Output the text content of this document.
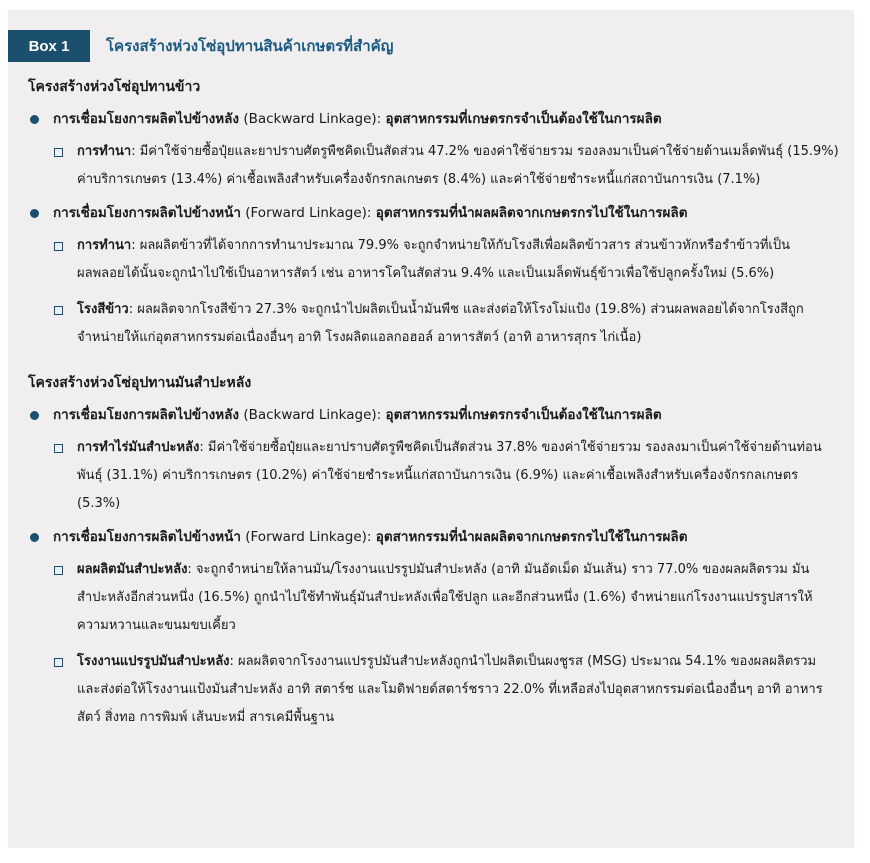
Box 1	โครงสร้างห่วงโซ่อุปทานสินค้าเกษตรที่สำคัญ
โครงสร้างห่วงโซ่อุปทานข้าว
การเชื่อมโยงการผลิตไปข้างหลัง (Backward Linkage): อุตสาหกรรมที่เกษตรกรจำเป็นต้องใช้ในการผลิต
การทำนา: มีค่าใช้จ่ายซื้อปุ๋ยและยาปราบศัตรูพืชคิดเป็นสัดส่วน 47.2% ของค่าใช้จ่ายรวม รองลงมาเป็นค่าใช้จ่ายด้านเมล็ดพันธุ์ (15.9%) ค่าบริการเกษตร (13.4%) ค่าเชื้อเพลิงสำหรับเครื่องจักรกลเกษตร (8.4%) และค่าใช้จ่ายชำระหนี้แก่สถาบันการเงิน (7.1%)
การเชื่อมโยงการผลิตไปข้างหน้า (Forward Linkage): อุตสาหกรรมที่นำผลผลิตจากเกษตรกรไปใช้ในการผลิต
การทำนา: ผลผลิตข้าวที่ได้จากการทำนาประมาณ 79.9% จะถูกจำหน่ายให้กับโรงสีเพื่อผลิตข้าวสาร ส่วนข้าวหักหรือรำข้าวที่เป็นผลพลอยได้นั้นจะถูกนำไปใช้เป็นอาหารสัตว์ เช่น อาหารโคในสัดส่วน 9.4% และเป็นเมล็ดพันธุ์ข้าวเพื่อใช้ปลูกครั้งใหม่ (5.6%)
โรงสีข้าว: ผลผลิตจากโรงสีข้าว 27.3% จะถูกนำไปผลิตเป็นน้ำมันพืช และส่งต่อให้โรงโม่แป้ง (19.8%) ส่วนผลพลอยได้จากโรงสีถูกจำหน่ายให้แก่อุตสาหกรรมต่อเนื่องอื่นๆ อาทิ โรงผลิตแอลกอฮอล์ อาหารสัตว์ (อาทิ อาหารสุกร ไก่เนื้อ)
โครงสร้างห่วงโซ่อุปทานมันสำปะหลัง
การเชื่อมโยงการผลิตไปข้างหลัง (Backward Linkage): อุตสาหกรรมที่เกษตรกรจำเป็นต้องใช้ในการผลิต
การทำไร่มันสำปะหลัง: มีค่าใช้จ่ายซื้อปุ๋ยและยาปราบศัตรูพืชคิดเป็นสัดส่วน 37.8% ของค่าใช้จ่ายรวม รองลงมาเป็นค่าใช้จ่ายด้านท่อนพันธุ์ (31.1%) ค่าบริการเกษตร (10.2%) ค่าใช้จ่ายชำระหนี้แก่สถาบันการเงิน (6.9%) และค่าเชื้อเพลิงสำหรับเครื่องจักรกลเกษตร (5.3%)
การเชื่อมโยงการผลิตไปข้างหน้า (Forward Linkage): อุตสาหกรรมที่นำผลผลิตจากเกษตรกรไปใช้ในการผลิต
ผลผลิตมันสำปะหลัง: จะถูกจำหน่ายให้ลานมัน/โรงงานแปรรูปมันสำปะหลัง (อาทิ มันอัดเม็ด มันเส้น) ราว 77.0% ของผลผลิตรวม มันสำปะหลังอีกส่วนหนึ่ง (16.5%) ถูกนำไปใช้ทำพันธุ์มันสำปะหลังเพื่อใช้ปลูก และอีกส่วนหนึ่ง (1.6%) จำหน่ายแก่โรงงานแปรรูปสารให้ความหวานและขนมขบเคี้ยว
โรงงานแปรรูปมันสำปะหลัง: ผลผลิตจากโรงงานแปรรูปมันสำปะหลังถูกนำไปผลิตเป็นผงชูรส (MSG) ประมาณ 54.1% ของผลผลิตรวม และส่งต่อให้โรงงานแป้งมันสำปะหลัง อาทิ สตาร์ช และโมดิฟายด์สตาร์ชราว 22.0% ที่เหลือส่งไปอุตสาหกรรมต่อเนื่องอื่นๆ อาทิ อาหารสัตว์ สิ่งทอ การพิมพ์ เส้นบะหมี่ สารเคมีพื้นฐาน
